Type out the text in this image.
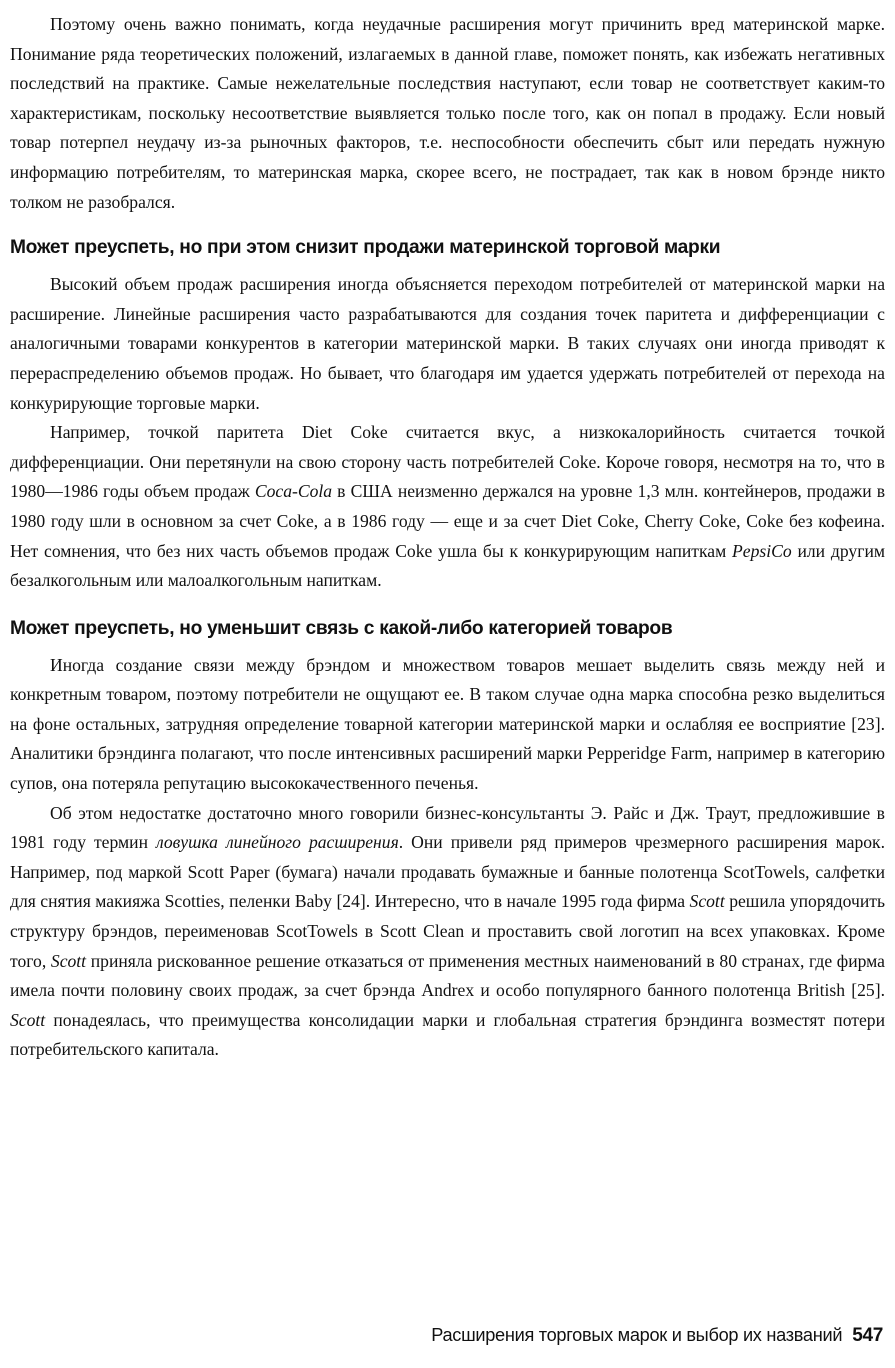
Поэтому очень важно понимать, когда неудачные расширения могут причинить вред материнской марке. Понимание ряда теоретических положений, излагаемых в данной главе, поможет понять, как избежать негативных последствий на практике. Самые нежелательные последствия наступают, если товар не соответствует каким-то характеристикам, поскольку несоответствие выявляется только после того, как он попал в продажу. Если новый товар потерпел неудачу из-за рыночных факторов, т.е. неспособности обеспечить сбыт или передать нужную информацию потребителям, то материнская марка, скорее всего, не пострадает, так как в новом брэнде никто толком не разобрался.

Может преуспеть, но при этом снизит продажи материнской торговой марки

Высокий объем продаж расширения иногда объясняется переходом потребителей от материнской марки на расширение. Линейные расширения часто разрабатываются для создания точек паритета и дифференциации с аналогичными товарами конкурентов в категории материнской марки. В таких случаях они иногда приводят к перераспределению объемов продаж. Но бывает, что благодаря им удается удержать потребителей от перехода на конкурирующие торговые марки.

Например, точкой паритета Diet Coke считается вкус, а низкокалорийность считается точкой дифференциации. Они перетянули на свою сторону часть потребителей Coke. Короче говоря, несмотря на то, что в 1980—1986 годы объем продаж Coca-Cola в США неизменно держался на уровне 1,3 млн. контейнеров, продажи в 1980 году шли в основном за счет Coke, а в 1986 году — еще и за счет Diet Coke, Cherry Coke, Coke без кофеина. Нет сомнения, что без них часть объемов продаж Coke ушла бы к конкурирующим напиткам PepsiCo или другим безалкогольным или малоалкогольным напиткам.

Может преуспеть, но уменьшит связь с какой-либо категорией товаров

Иногда создание связи между брэндом и множеством товаров мешает выделить связь между ней и конкретным товаром, поэтому потребители не ощущают ее. В таком случае одна марка способна резко выделиться на фоне остальных, затрудняя определение товарной категории материнской марки и ослабляя ее восприятие [23]. Аналитики брэндинга полагают, что после интенсивных расширений марки Pepperidge Farm, например в категорию супов, она потеряла репутацию высококачественного печенья.

Об этом недостатке достаточно много говорили бизнес-консультанты Э. Райс и Дж. Траут, предложившие в 1981 году термин ловушка линейного расширения. Они привели ряд примеров чрезмерного расширения марок. Например, под маркой Scott Paper (бумага) начали продавать бумажные и банные полотенца ScotTowels, салфетки для снятия макияжа Scotties, пеленки Baby [24]. Интересно, что в начале 1995 года фирма Scott решила упорядочить структуру брэндов, переименовав ScotTowels в Scott Clean и проставить свой логотип на всех упаковках. Кроме того, Scott приняла рискованное решение отказаться от применения местных наименований в 80 странах, где фирма имела почти половину своих продаж, за счет брэнда Andrex и особо популярного банного полотенца British [25]. Scott понадеялась, что преимущества консолидации марки и глобальная стратегия брэндинга возместят потери потребительского капитала.

Расширения торговых марок и выбор их названий 547
